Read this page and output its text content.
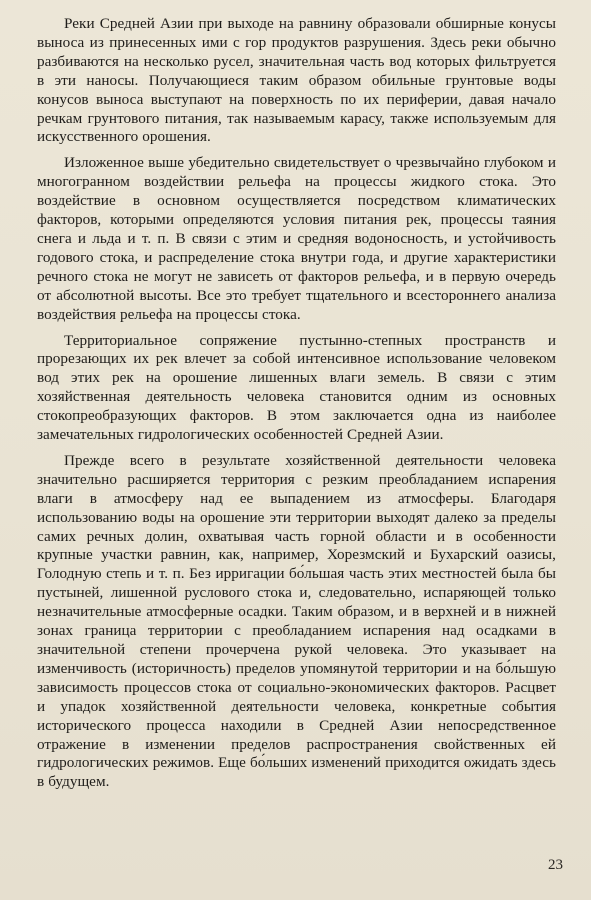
Реки Средней Азии при выходе на равнину образовали обширные конусы выноса из принесенных ими с гор продуктов разрушения. Здесь реки обычно разбиваются на несколько русел, значительная часть вод которых фильтруется в эти наносы. Получающиеся таким образом обильные грунтовые воды конусов выноса выступают на поверхность по их периферии, давая начало речкам грунтового питания, так называемым карасу, также используемым для искусственного орошения.

Изложенное выше убедительно свидетельствует о чрезвычайно глубоком и многогранном воздействии рельефа на процессы жидкого стока. Это воздействие в основном осуществляется посредством климатических факторов, которыми определяются условия питания рек, процессы таяния снега и льда и т. п. В связи с этим и средняя водоносность, и устойчивость годового стока, и распределение стока внутри года, и другие характеристики речного стока не могут не зависеть от факторов рельефа, и в первую очередь от абсолютной высоты. Все это требует тщательного и всестороннего анализа воздействия рельефа на процессы стока.

Территориальное сопряжение пустынно-степных пространств и прорезающих их рек влечет за собой интенсивное использование человеком вод этих рек на орошение лишенных влаги земель. В связи с этим хозяйственная деятельность человека становится одним из основных стокопреобразующих факторов. В этом заключается одна из наиболее замечательных гидрологических особенностей Средней Азии.

Прежде всего в результате хозяйственной деятельности человека значительно расширяется территория с резким преобладанием испарения влаги в атмосферу над ее выпадением из атмосферы. Благодаря использованию воды на орошение эти территории выходят далеко за пределы самих речных долин, охватывая часть горной области и в особенности крупные участки равнин, как, например, Хорезмский и Бухарский оазисы, Голодную степь и т. п. Без ирригации бо́льшая часть этих местностей была бы пустыней, лишенной руслового стока и, следовательно, испаряющей только незначительные атмосферные осадки. Таким образом, и в верхней и в нижней зонах граница территории с преобладанием испарения над осадками в значительной степени прочерчена рукой человека. Это указывает на изменчивость (историчность) пределов упомянутой территории и на бо́льшую зависимость процессов стока от социально-экономических факторов. Расцвет и упадок хозяйственной деятельности человека, конкретные события исторического процесса находили в Средней Азии непосредственное отражение в изменении пределов распространения свойственных ей гидрологических режимов. Еще бо́льших изменений приходится ожидать здесь в будущем.

23
